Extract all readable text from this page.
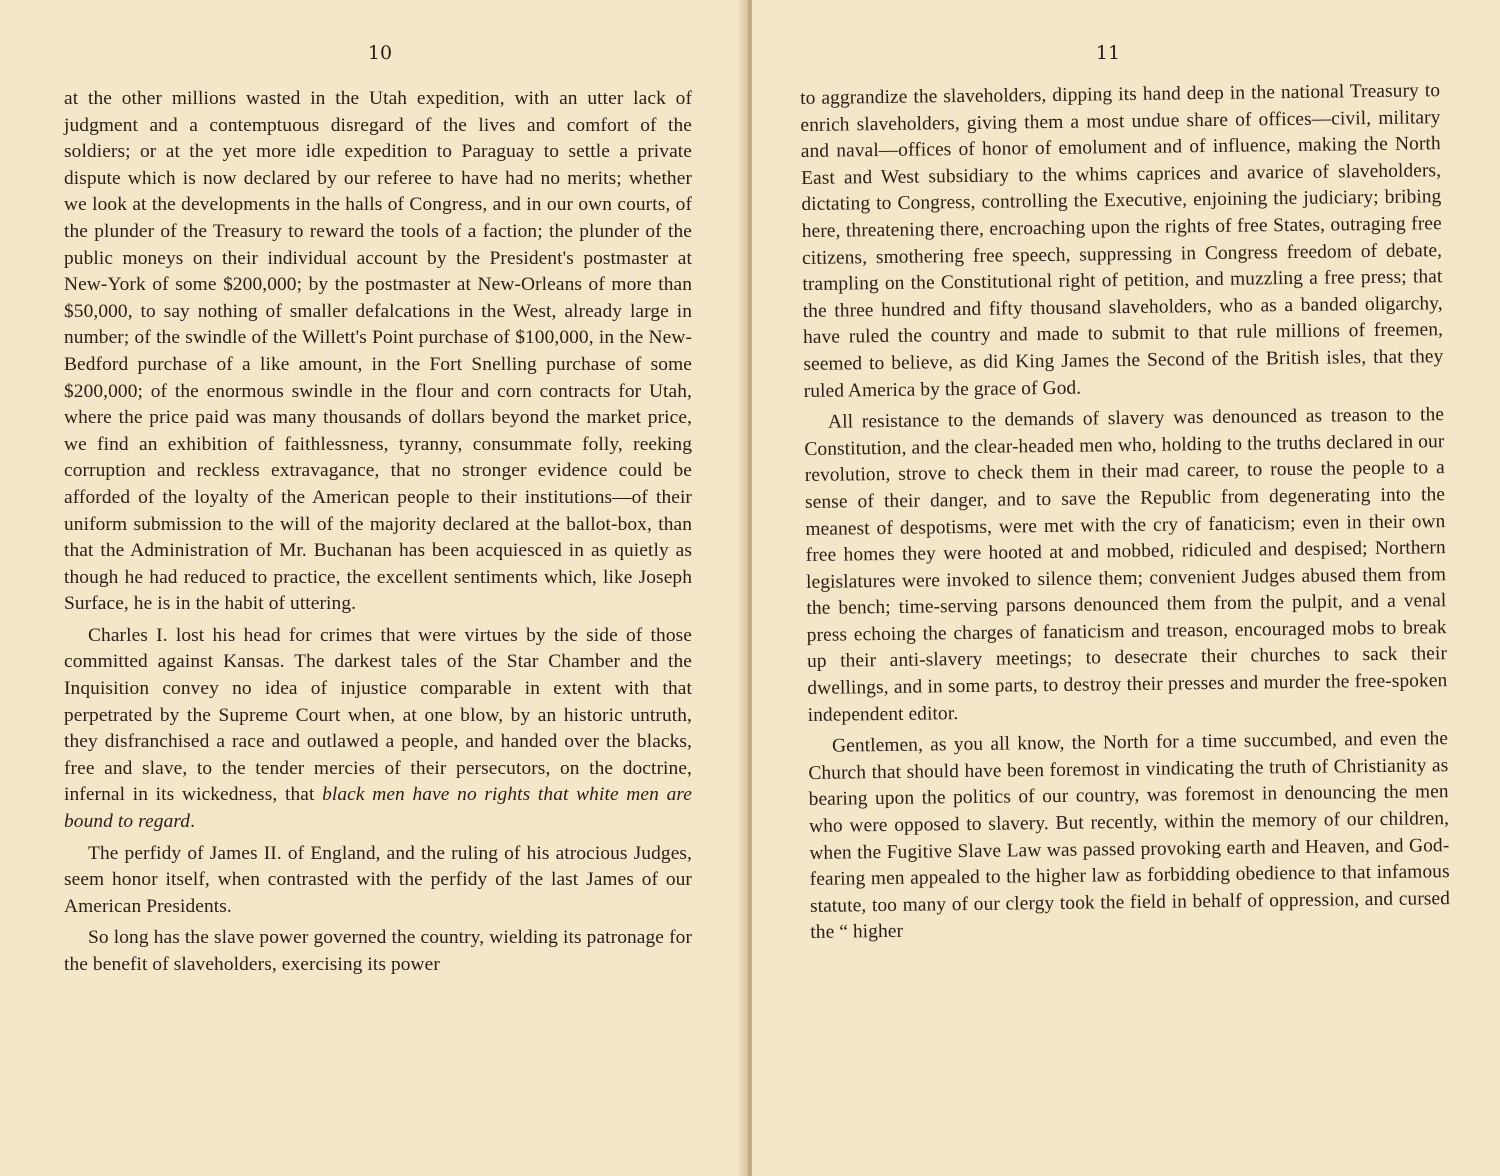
10

at the other millions wasted in the Utah expedition, with an utter lack of judgment and a contemptuous disregard of the lives and comfort of the soldiers; or at the yet more idle expedition to Paraguay to settle a private dispute which is now declared by our referee to have had no merits; whether we look at the developments in the halls of Congress, and in our own courts, of the plunder of the Treasury to reward the tools of a faction; the plunder of the public moneys on their individual account by the President's postmaster at New-York of some $200,000; by the postmaster at New-Orleans of more than $50,000, to say nothing of smaller defalcations in the West, already large in number; of the swindle of the Willett's Point purchase of $100,000, in the New-Bedford purchase of a like amount, in the Fort Snelling purchase of some $200,000; of the enormous swindle in the flour and corn contracts for Utah, where the price paid was many thousands of dollars beyond the market price, we find an exhibition of faithlessness, tyranny, consummate folly, reeking corruption and reckless extravagance, that no stronger evidence could be afforded of the loyalty of the American people to their institutions—of their uniform submission to the will of the majority declared at the ballot-box, than that the Administration of Mr. Buchanan has been acquiesced in as quietly as though he had reduced to practice, the excellent sentiments which, like Joseph Surface, he is in the habit of uttering.

Charles I. lost his head for crimes that were virtues by the side of those committed against Kansas. The darkest tales of the Star Chamber and the Inquisition convey no idea of injustice comparable in extent with that perpetrated by the Supreme Court when, at one blow, by an historic untruth, they disfranchised a race and outlawed a people, and handed over the blacks, free and slave, to the tender mercies of their persecutors, on the doctrine, infernal in its wickedness, that black men have no rights that white men are bound to regard.

The perfidy of James II. of England, and the ruling of his atrocious Judges, seem honor itself, when contrasted with the perfidy of the last James of our American Presidents.

So long has the slave power governed the country, wielding its patronage for the benefit of slaveholders, exercising its power

11

to aggrandize the slaveholders, dipping its hand deep in the national Treasury to enrich slaveholders, giving them a most undue share of offices—civil, military and naval—offices of honor of emolument and of influence, making the North East and West subsidiary to the whims caprices and avarice of slaveholders, dictating to Congress, controlling the Executive, enjoining the judiciary; bribing here, threatening there, encroaching upon the rights of free States, outraging free citizens, smothering free speech, suppressing in Congress freedom of debate, trampling on the Constitutional right of petition, and muzzling a free press; that the three hundred and fifty thousand slaveholders, who as a banded oligarchy, have ruled the country and made to submit to that rule millions of freemen, seemed to believe, as did King James the Second of the British isles, that they ruled America by the grace of God.

All resistance to the demands of slavery was denounced as treason to the Constitution, and the clear-headed men who, holding to the truths declared in our revolution, strove to check them in their mad career, to rouse the people to a sense of their danger, and to save the Republic from degenerating into the meanest of despotisms, were met with the cry of fanaticism; even in their own free homes they were hooted at and mobbed, ridiculed and despised; Northern legislatures were invoked to silence them; convenient Judges abused them from the bench; time-serving parsons denounced them from the pulpit, and a venal press echoing the charges of fanaticism and treason, encouraged mobs to break up their anti-slavery meetings; to desecrate their churches to sack their dwellings, and in some parts, to destroy their presses and murder the free-spoken independent editor.

Gentlemen, as you all know, the North for a time succumbed, and even the Church that should have been foremost in vindicating the truth of Christianity as bearing upon the politics of our country, was foremost in denouncing the men who were opposed to slavery. But recently, within the memory of our children, when the Fugitive Slave Law was passed provoking earth and Heaven, and God-fearing men appealed to the higher law as forbidding obedience to that infamous statute, too many of our clergy took the field in behalf of oppression, and cursed the “ higher
